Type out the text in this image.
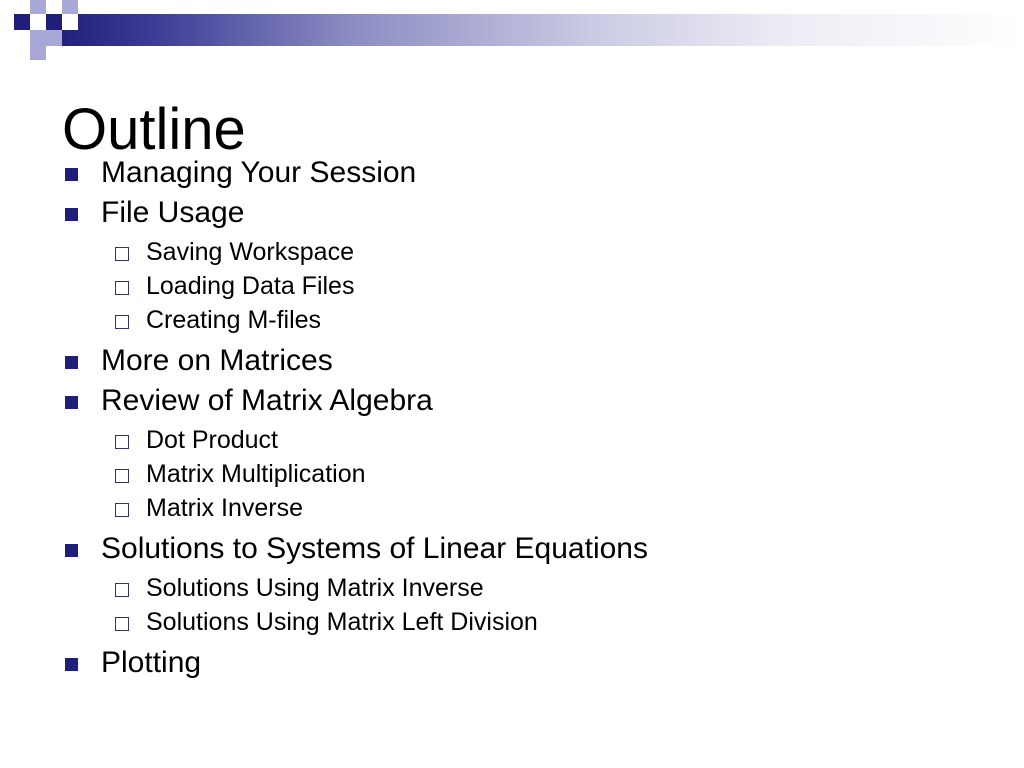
Outline
Managing Your Session
File Usage
Saving Workspace
Loading Data Files
Creating M-files
More on Matrices
Review of Matrix Algebra
Dot Product
Matrix Multiplication
Matrix Inverse
Solutions to Systems of Linear Equations
Solutions Using Matrix Inverse
Solutions Using Matrix Left Division
Plotting
